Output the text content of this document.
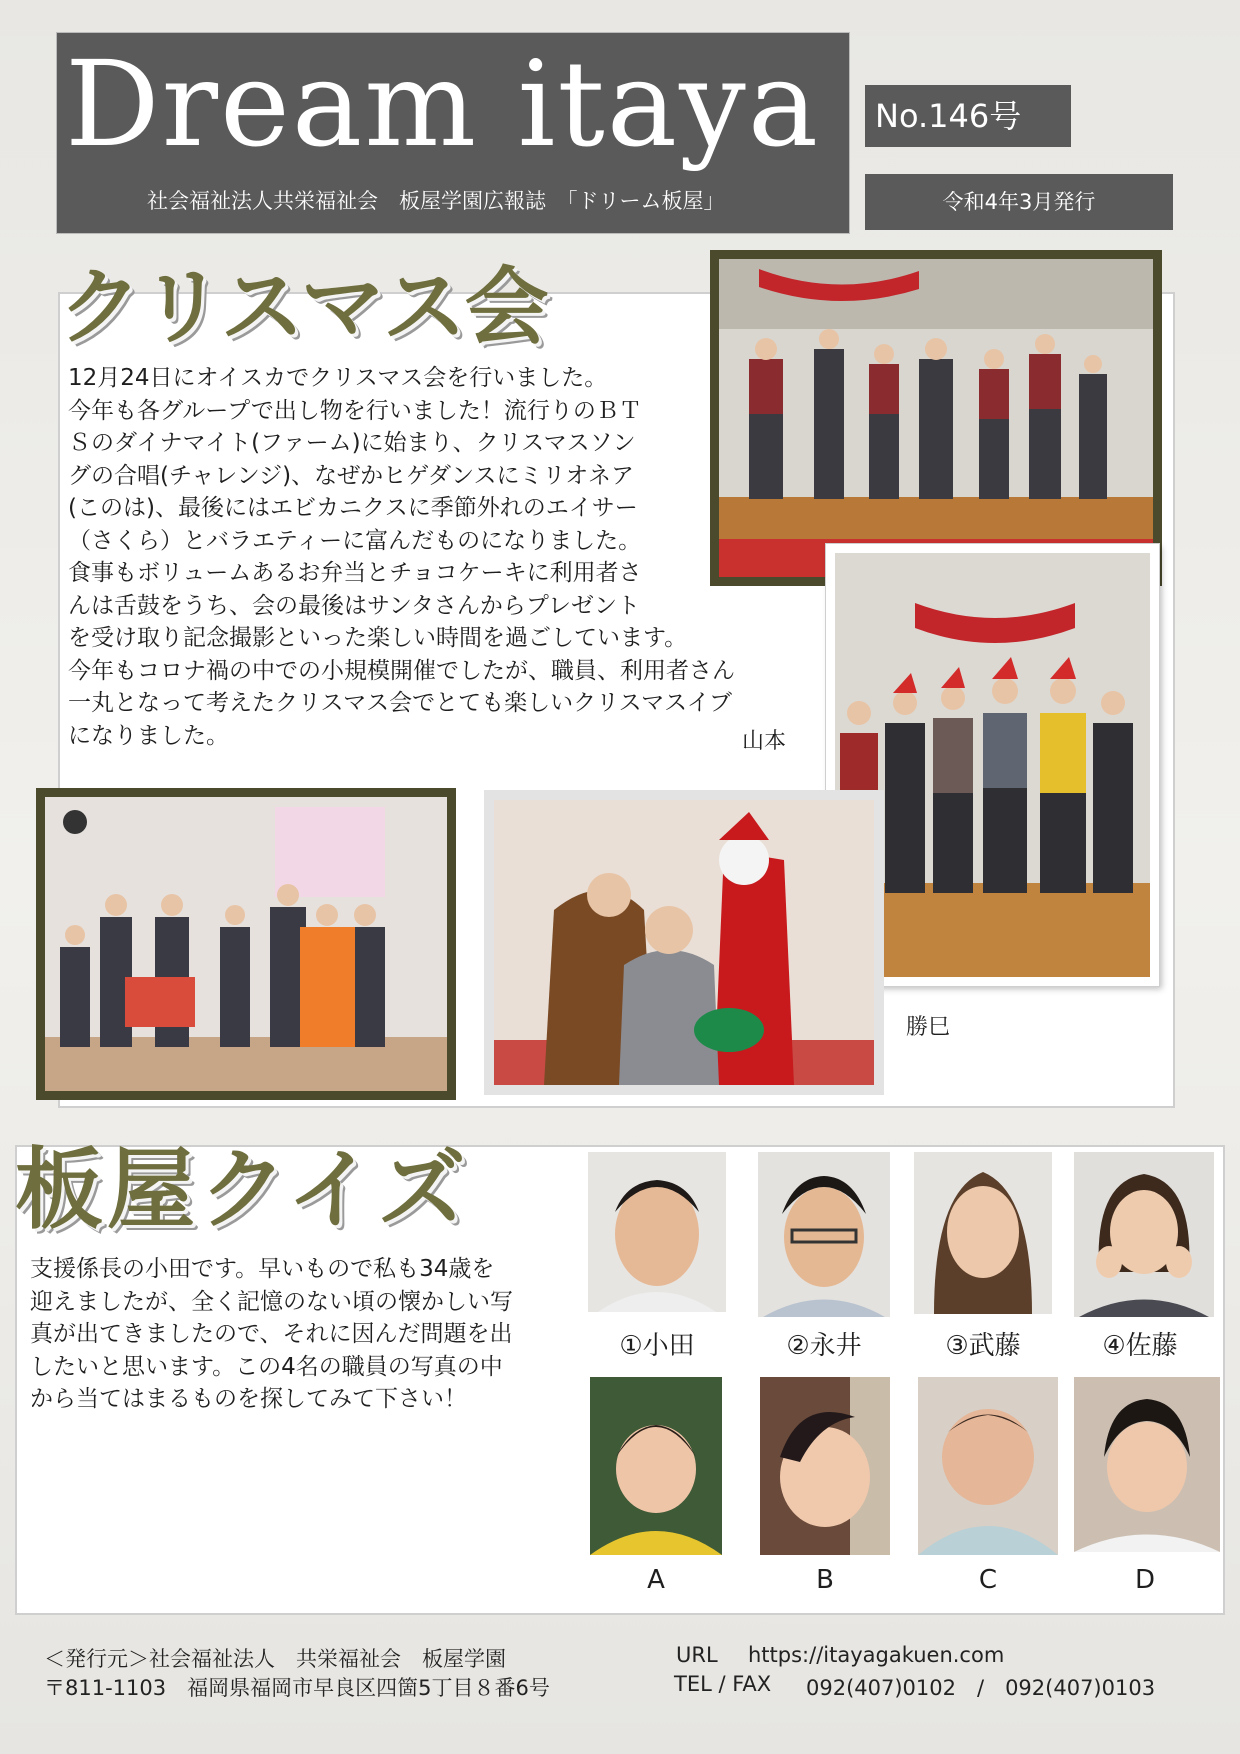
Dream itaya
社会福祉法人共栄福祉会　板屋学園広報誌　「ドリーム板屋」
No.146号
令和4年3月発行
クリスマス会
12月24日にオイスカでクリスマス会を行いました。
今年も各グループで出し物を行いました！流行りのＢＴ
Ｓのダイナマイト(ファーム)に始まり、クリスマスソン
グの合唱(チャレンジ)、なぜかヒゲダンスにミリオネア
(このは)、最後にはエビカニクスに季節外れのエイサー
（さくら）とバラエティーに富んだものになりました。
食事もボリュームあるお弁当とチョコケーキに利用者さ
んは舌鼓をうち、会の最後はサンタさんからプレゼント
を受け取り記念撮影といった楽しい時間を過ごしています。
今年もコロナ禍の中での小規模開催でしたが、職員、利用者さん
一丸となって考えたクリスマス会でとても楽しいクリスマスイブ
になりました。	山本
勝巳
板屋クイズ
支援係長の小田です。早いもので私も34歳を
迎えましたが、全く記憶のない頃の懐かしい写
真が出てきましたので、それに因んだ問題を出
したいと思います。この4名の職員の写真の中
から当てはまるものを探してみて下さい！
①小田	②永井	③武藤	④佐藤
A	B	C	D
＜発行元＞社会福祉法人　共栄福祉会　板屋学園
〒811-1103　福岡県福岡市早良区四箇5丁目８番6号
URL https://itayagakuen.com
TEL / FAX 092(407)0102　/　092(407)0103
